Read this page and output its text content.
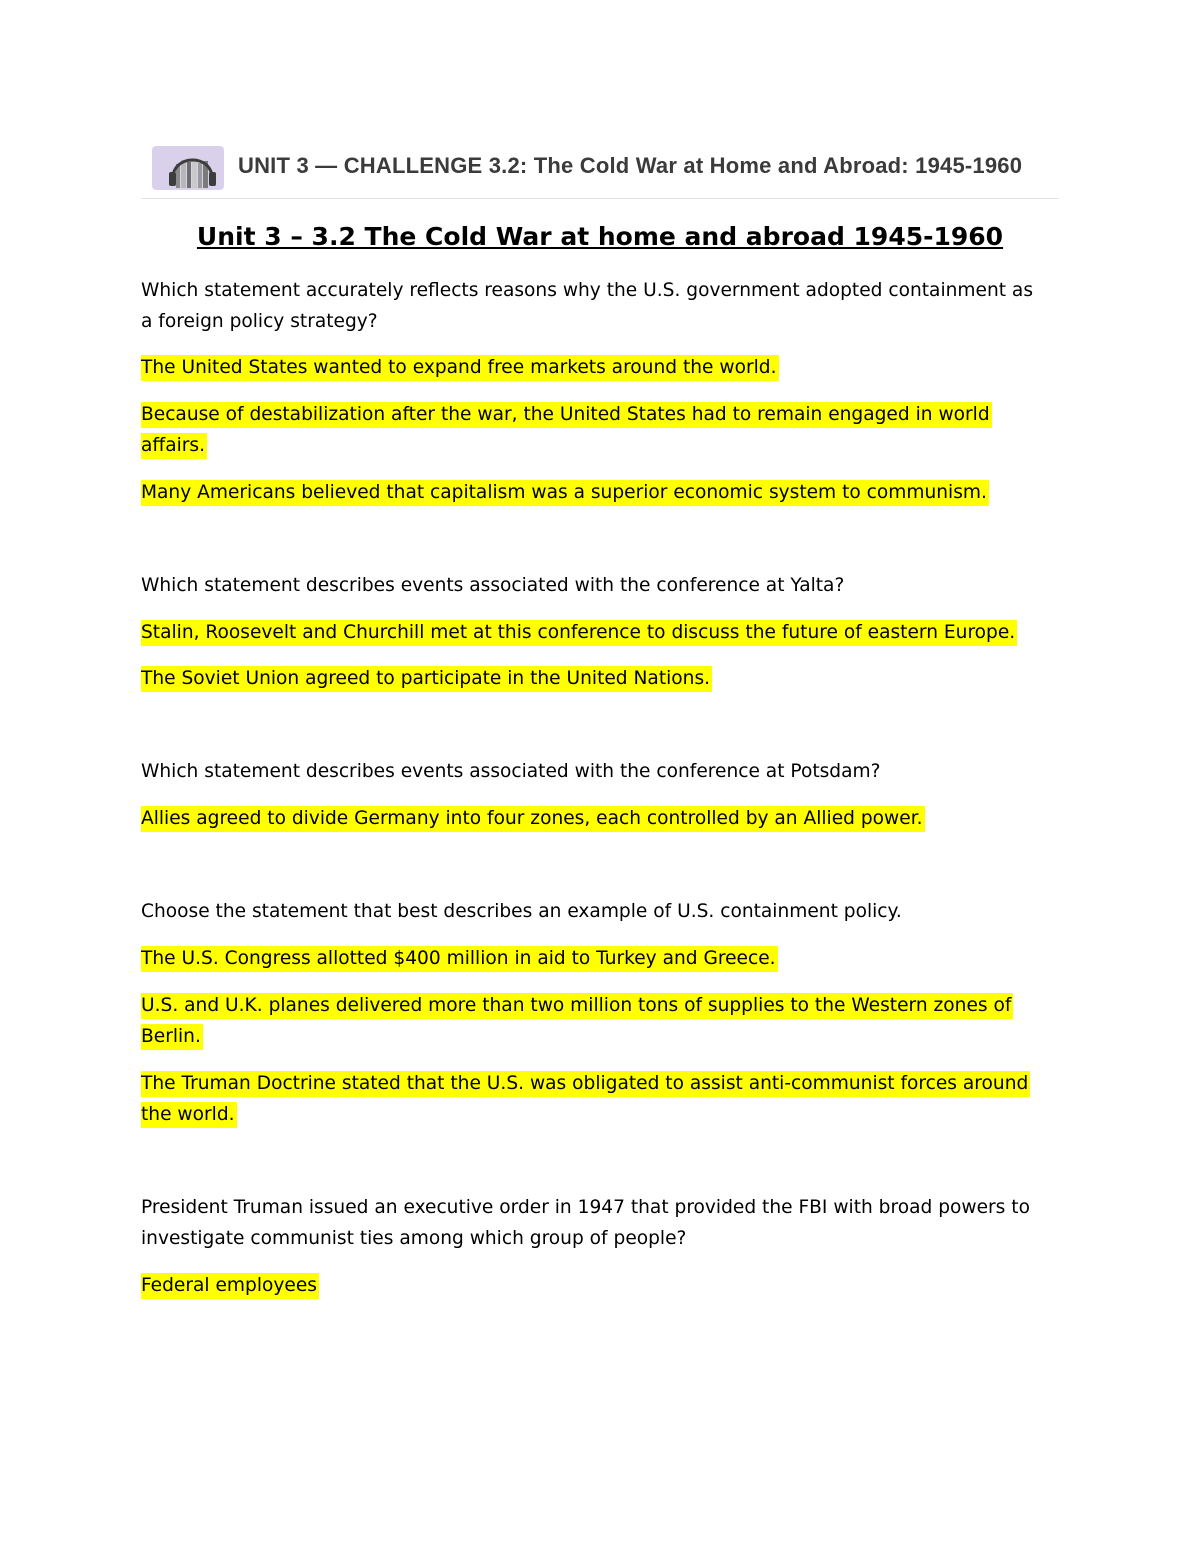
UNIT 3 — CHALLENGE 3.2: The Cold War at Home and Abroad: 1945-1960
Unit 3 – 3.2 The Cold War at home and abroad 1945-1960
Which statement accurately reflects reasons why the U.S. government adopted containment as
a foreign policy strategy?
The United States wanted to expand free markets around the world.
Because of destabilization after the war, the United States had to remain engaged in world
affairs.
Many Americans believed that capitalism was a superior economic system to communism.
Which statement describes events associated with the conference at Yalta?
Stalin, Roosevelt and Churchill met at this conference to discuss the future of eastern Europe.
The Soviet Union agreed to participate in the United Nations.
Which statement describes events associated with the conference at Potsdam?
Allies agreed to divide Germany into four zones, each controlled by an Allied power.
Choose the statement that best describes an example of U.S. containment policy.
The U.S. Congress allotted $400 million in aid to Turkey and Greece.
U.S. and U.K. planes delivered more than two million tons of supplies to the Western zones of
Berlin.
The Truman Doctrine stated that the U.S. was obligated to assist anti-communist forces around
the world.
President Truman issued an executive order in 1947 that provided the FBI with broad powers to
investigate communist ties among which group of people?
Federal employees
